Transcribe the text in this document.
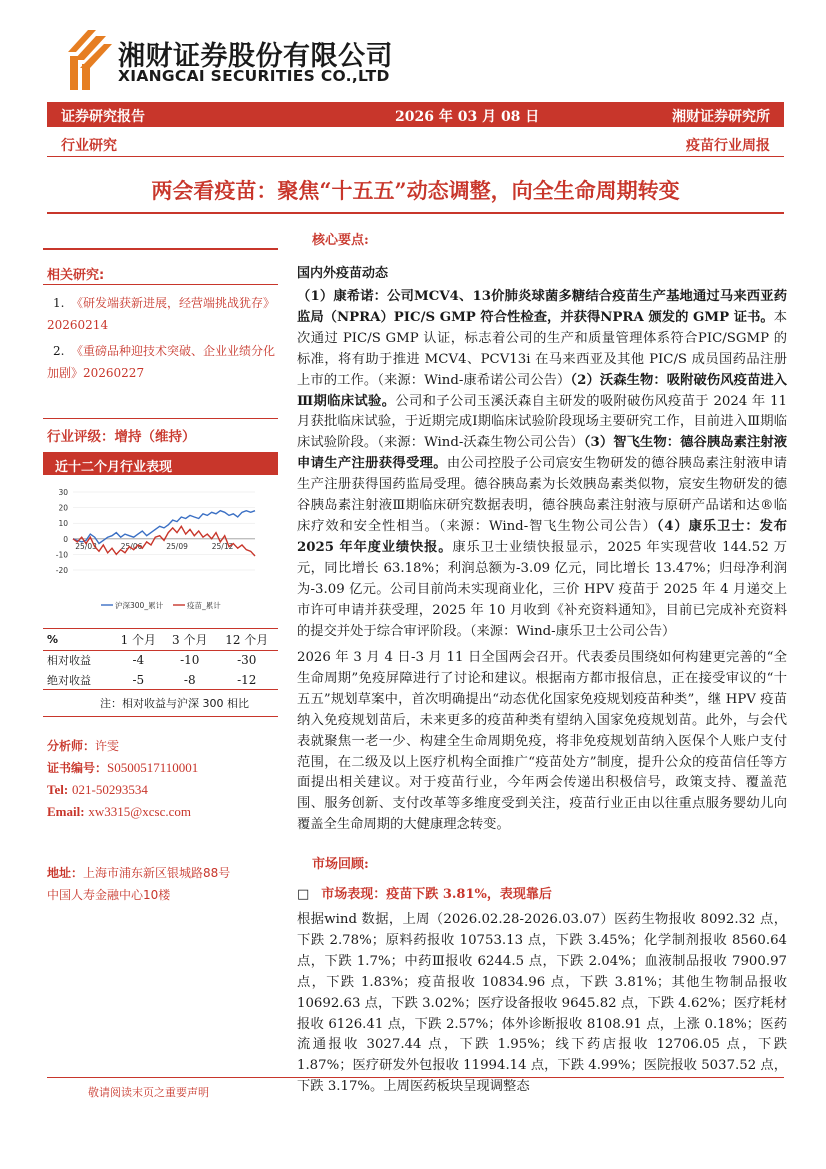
湘财证券股份有限公司
XIANGCAI SECURITIES CO.,LTD
证券研究报告	2026 年 03 月 08 日	湘财证券研究所
行业研究	疫苗行业周报
两会看疫苗：聚焦“十五五”动态调整，向全生命周期转变
相关研究:
1. 《研发端获新进展，经营端挑战犹存》20260214
2. 《重磅品种迎技术突破、企业业绩分化加剧》20260227
行业评级：增持（维持）
近十二个月行业表现
30
20
10
0
-10
-20
25/03	25/06	25/09	25/12
沪深300_累计	疫苗_累计
%	1 个月	3 个月	12 个月
相对收益	-4	-10	-30
绝对收益	-5	-8	-12
注：相对收益与沪深 300 相比
分析师：许雯
证书编号：S0500517110001
Tel: 021-50293534
Email: xw3315@xcsc.com
地址：上海市浦东新区银城路88号
中国人寿金融中心10楼
核心要点:
国内外疫苗动态
（1）康希诺：公司MCV4、13价肺炎球菌多糖结合疫苗生产基地通过马来西亚药监局（NPRA）PIC/S GMP 符合性检查，并获得NPRA 颁发的 GMP 证书。本次通过 PIC/S GMP 认证，标志着公司的生产和质量管理体系符合PIC/SGMP 的标准，将有助于推进 MCV4、PCV13i 在马来西亚及其他 PIC/S 成员国药品注册上市的工作。（来源：Wind-康希诺公司公告）（2）沃森生物：吸附破伤风疫苗进入Ⅲ期临床试验。公司和子公司玉溪沃森自主研发的吸附破伤风疫苗于 2024 年 11 月获批临床试验，于近期完成Ⅰ期临床试验阶段现场主要研究工作，目前进入Ⅲ期临床试验阶段。（来源：Wind-沃森生物公司公告）（3）智飞生物：德谷胰岛素注射液申请生产注册获得受理。由公司控股子公司宸安生物研发的德谷胰岛素注射液申请生产注册获得国药监局受理。德谷胰岛素为长效胰岛素类似物，宸安生物研发的德谷胰岛素注射液Ⅲ期临床研究数据表明，德谷胰岛素注射液与原研产品诺和达®临床疗效和安全性相当。（来源：Wind-智飞生物公司公告）（4）康乐卫士：发布 2025 年年度业绩快报。康乐卫士业绩快报显示，2025 年实现营收 144.52 万元，同比增长 63.18%；利润总额为-3.09 亿元，同比增长 13.47%；归母净利润为-3.09 亿元。公司目前尚未实现商业化，三价 HPV 疫苗于 2025 年 4 月递交上市许可申请并获受理，2025 年 10 月收到《补充资料通知》，目前已完成补充资料的提交并处于综合审评阶段。（来源：Wind-康乐卫士公司公告）
2026 年 3 月 4 日-3 月 11 日全国两会召开。代表委员围绕如何构建更完善的“全生命周期”免疫屏障进行了讨论和建议。根据南方都市报信息，正在接受审议的“十五五”规划草案中，首次明确提出“动态优化国家免疫规划疫苗种类”，继 HPV 疫苗纳入免疫规划苗后，未来更多的疫苗种类有望纳入国家免疫规划苗。此外，与会代表就聚焦一老一少、构建全生命周期免疫，将非免疫规划苗纳入医保个人账户支付范围，在二级及以上医疗机构全面推广“疫苗处方”制度，提升公众的疫苗信任等方面提出相关建议。对于疫苗行业，今年两会传递出积极信号，政策支持、覆盖范围、服务创新、支付改革等多维度受到关注，疫苗行业正由以往重点服务婴幼儿向覆盖全生命周期的大健康理念转变。
市场回顾:
□ 市场表现：疫苗下跌 3.81%，表现靠后
根据wind 数据，上周（2026.02.28-2026.03.07）医药生物报收 8092.32 点，下跌 2.78%；原料药报收 10753.13 点，下跌 3.45%；化学制剂报收 8560.64 点，下跌 1.7%；中药Ⅲ报收 6244.5 点，下跌 2.04%；血液制品报收 7900.97 点，下跌 1.83%；疫苗报收 10834.96 点，下跌 3.81%；其他生物制品报收 10692.63 点，下跌 3.02%；医疗设备报收 9645.82 点，下跌 4.62%；医疗耗材报收 6126.41 点，下跌 2.57%；体外诊断报收 8108.91 点，上涨 0.18%；医药流通报收 3027.44 点，下跌 1.95%；线下药店报收 12706.05 点，下跌 1.87%；医疗研发外包报收 11994.14 点，下跌 4.99%；医院报收 5037.52 点，下跌 3.17%。上周医药板块呈现调整态
敬请阅读末页之重要声明
